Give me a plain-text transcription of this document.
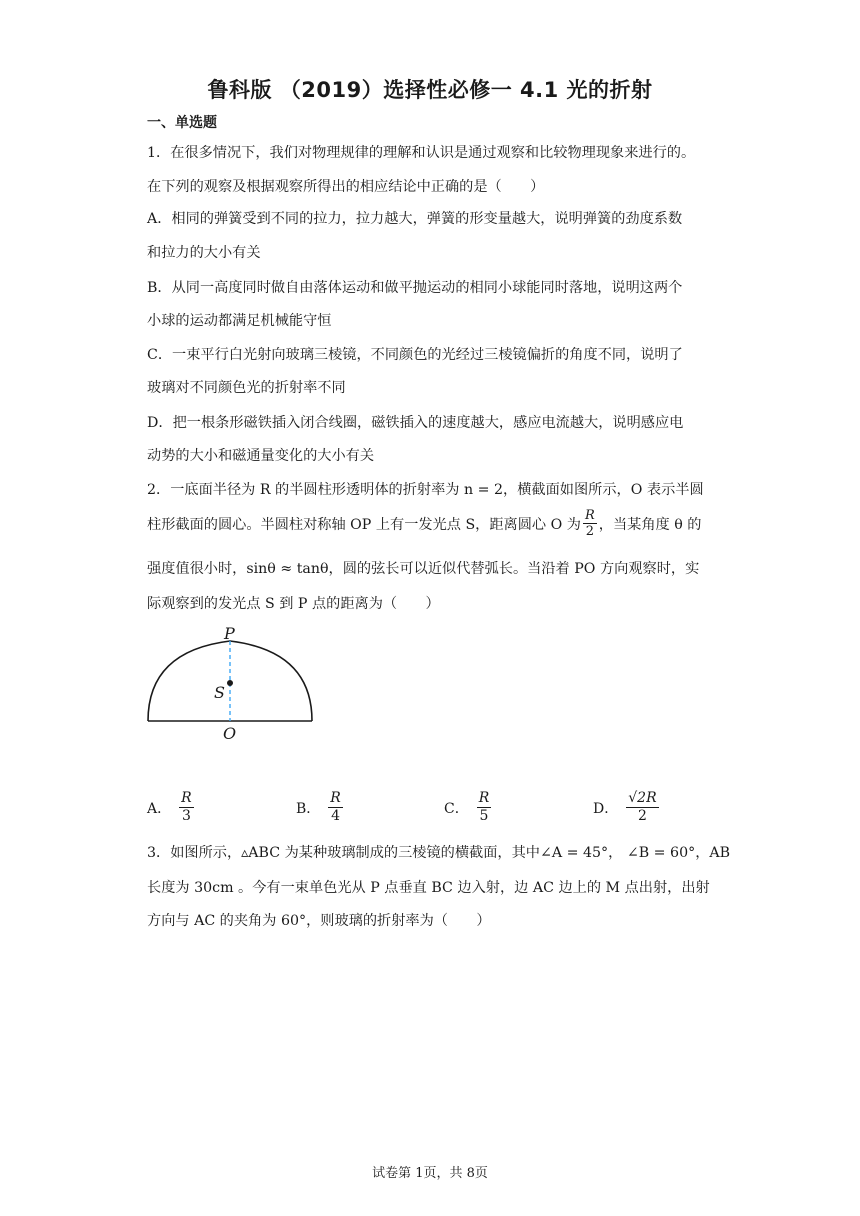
鲁科版 （2019）选择性必修一 4.1 光的折射
一、单选题
1．在很多情况下，我们对物理规律的理解和认识是通过观察和比较物理现象来进行的。
在下列的观察及根据观察所得出的相应结论中正确的是（　　）
A．相同的弹簧受到不同的拉力，拉力越大，弹簧的形变量越大，说明弹簧的劲度系数
和拉力的大小有关
B．从同一高度同时做自由落体运动和做平抛运动的相同小球能同时落地，说明这两个
小球的运动都满足机械能守恒
C．一束平行白光射向玻璃三棱镜，不同颜色的光经过三棱镜偏折的角度不同，说明了
玻璃对不同颜色光的折射率不同
D．把一根条形磁铁插入闭合线圈，磁铁插入的速度越大，感应电流越大，说明感应电
动势的大小和磁通量变化的大小有关
2．一底面半径为 R 的半圆柱形透明体的折射率为 n = 2，横截面如图所示，O 表示半圆
柱形截面的圆心。半圆柱对称轴 OP 上有一发光点 S，距离圆心 O 为 $\frac{R}{2}$ ，当某角度 θ 的
强度值很小时，sinθ ≈ tanθ，圆的弦长可以近似代替弧长。当沿着 PO 方向观察时，实
际观察到的发光点 S 到 P 点的距离为（　　）
P
S
O
A． $\frac{R}{3}$	B． $\frac{R}{4}$	C． $\frac{R}{5}$	D． $\frac{√2R}{2}$
3．如图所示，▵ABC 为某种玻璃制成的三棱镜的横截面，其中∠A = 45°， ∠B = 60°，AB
长度为 30cm 。今有一束单色光从 P 点垂直 BC 边入射，边 AC 边上的 M 点出射，出射
方向与 AC 的夹角为 60°，则玻璃的折射率为（　　）
试卷第 1页，共 8页
